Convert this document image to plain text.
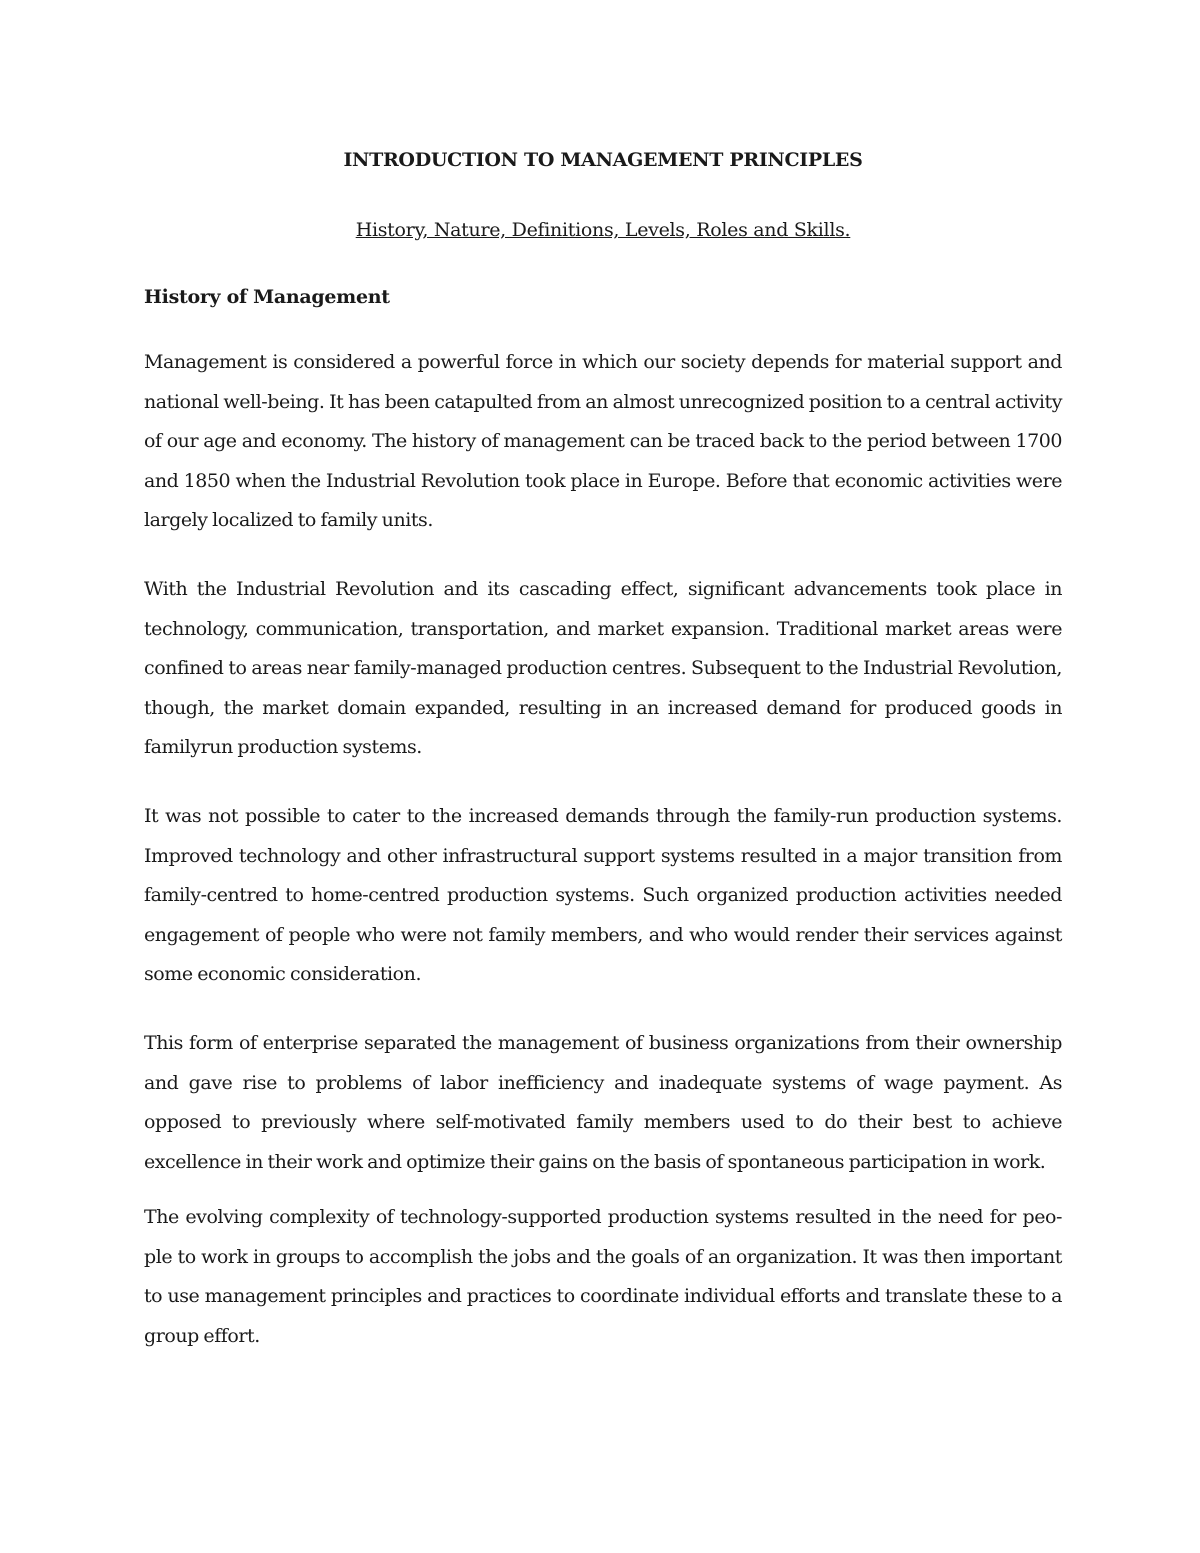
INTRODUCTION TO MANAGEMENT PRINCIPLES

History, Nature, Definitions, Levels, Roles and Skills.

History of Management

Management is considered a powerful force in which our society depends for material support and national well-being. It has been catapulted from an almost unrecognized position to a central activity of our age and economy. The history of management can be traced back to the period between 1700 and 1850 when the Industrial Revolution took place in Europe. Before that economic activities were largely localized to family units.

With the Industrial Revolution and its cascading effect, significant advancements took place in technology, communication, transportation, and market expansion. Traditional market areas were confined to areas near family-managed production centres. Subsequent to the Industrial Revolution, though, the market domain expanded, resulting in an increased demand for produced goods in familyrun production systems.

It was not possible to cater to the increased demands through the family-run production systems. Improved technology and other infrastructural support systems resulted in a major transition from family-centred to home-centred production systems. Such organized production activities needed engagement of people who were not family members, and who would render their services against some economic consideration.

This form of enterprise separated the management of business organizations from their ownership and gave rise to problems of labor inefficiency and inadequate systems of wage payment. As opposed to previously where self-motivated family members used to do their best to achieve excellence in their work and optimize their gains on the basis of spontaneous participation in work.

The evolving complexity of technology-supported production systems resulted in the need for peo-ple to work in groups to accomplish the jobs and the goals of an organization. It was then important to use management principles and practices to coordinate individual efforts and translate these to a group effort.
